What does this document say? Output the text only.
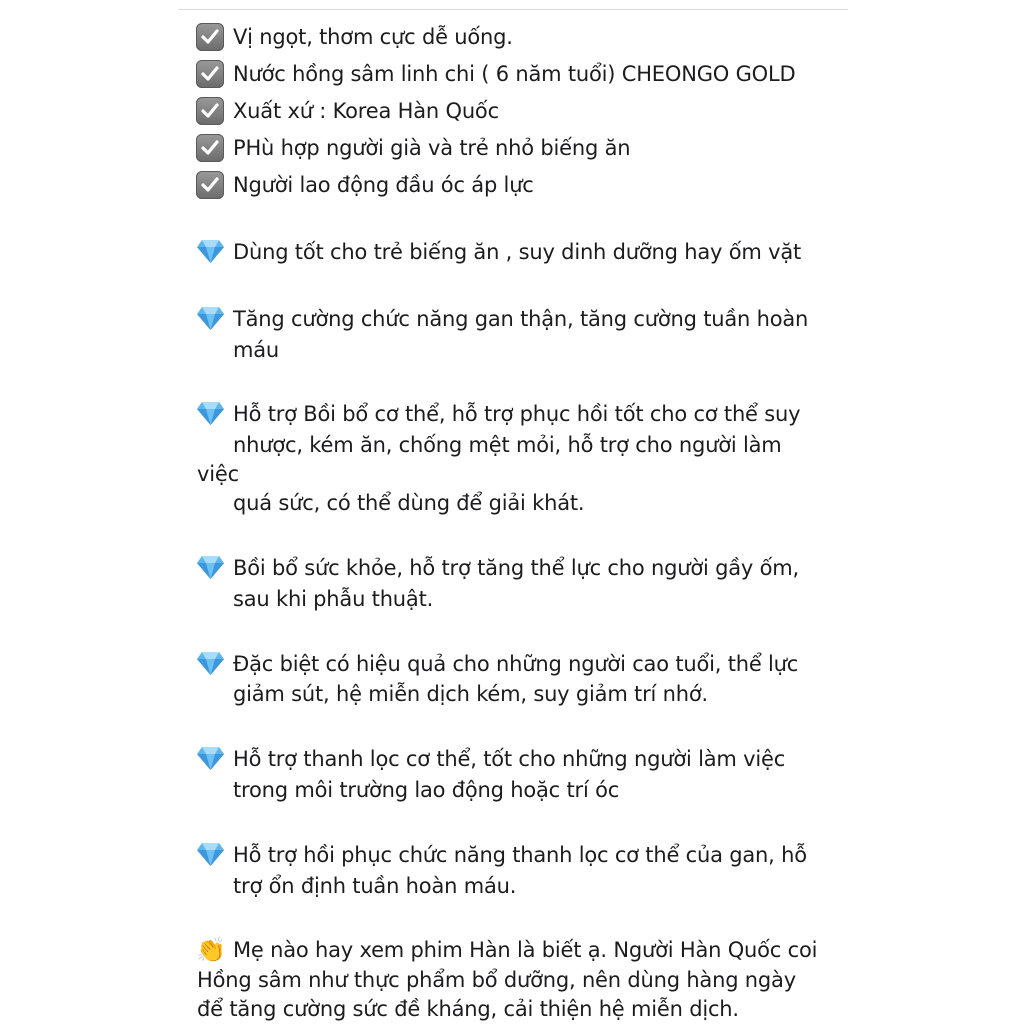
Vị ngọt, thơm cực dễ uống.
Nước hồng sâm linh chi ( 6 năm tuổi) CHEONGO GOLD
Xuất xứ : Korea Hàn Quốc
PHù hợp người già và trẻ nhỏ biếng ăn
Người lao động đầu óc áp lực
Dùng tốt cho trẻ biếng ăn , suy dinh dưỡng hay ốm vặt
Tăng cường chức năng gan thận, tăng cường tuần hoàn
máu
Hỗ trợ Bồi bổ cơ thể, hỗ trợ phục hồi tốt cho cơ thể suy
nhược, kém ăn, chống mệt mỏi, hỗ trợ cho người làm
việc
quá sức, có thể dùng để giải khát.
Bồi bổ sức khỏe, hỗ trợ tăng thể lực cho người gầy ốm,
sau khi phẫu thuật.
Đặc biệt có hiệu quả cho những người cao tuổi, thể lực
giảm sút, hệ miễn dịch kém, suy giảm trí nhớ.
Hỗ trợ thanh lọc cơ thể, tốt cho những người làm việc
trong môi trường lao động hoặc trí óc
Hỗ trợ hồi phục chức năng thanh lọc cơ thể của gan, hỗ
trợ ổn định tuần hoàn máu.
👏 Mẹ nào hay xem phim Hàn là biết ạ. Người Hàn Quốc coi
Hồng sâm như thực phẩm bổ dưỡng, nên dùng hàng ngày
để tăng cường sức đề kháng, cải thiện hệ miễn dịch.
